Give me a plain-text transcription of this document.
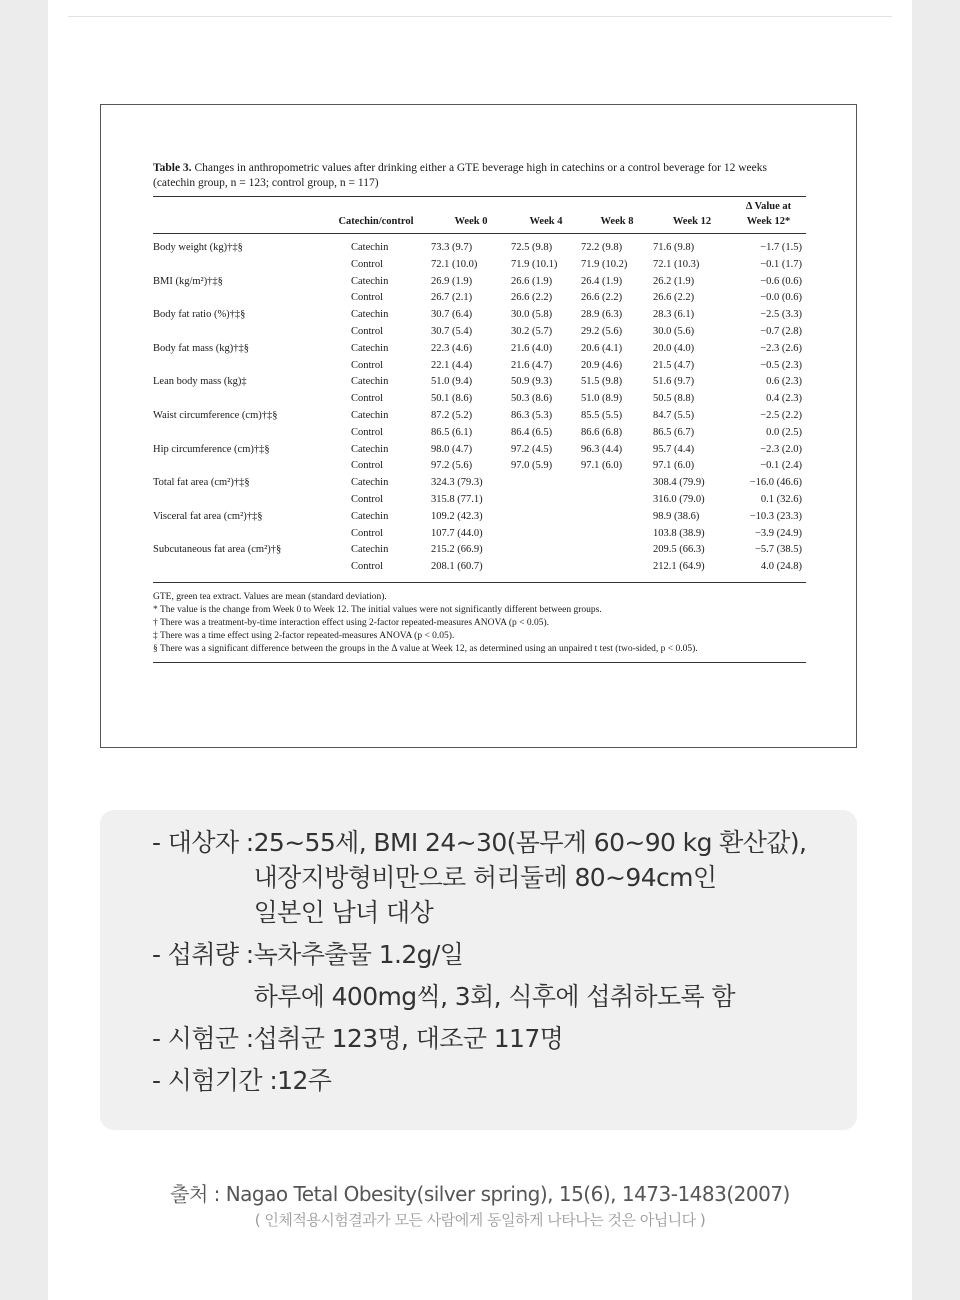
Table 3. Changes in anthropometric values after drinking either a GTE beverage high in catechins or a control beverage for 12 weeks (catechin group, n = 123; control group, n = 117)
	Catechin/control	Week 0	Week 4	Week 8	Week 12	Δ Value at
Week 12*

Body weight (kg)†‡§	Catechin	73.3 (9.7)	72.5 (9.8)	72.2 (9.8)	71.6 (9.8)	−1.7 (1.5)
	Control	72.1 (10.0)	71.9 (10.1)	71.9 (10.2)	72.1 (10.3)	−0.1 (1.7)
BMI (kg/m²)†‡§	Catechin	26.9 (1.9)	26.6 (1.9)	26.4 (1.9)	26.2 (1.9)	−0.6 (0.6)
	Control	26.7 (2.1)	26.6 (2.2)	26.6 (2.2)	26.6 (2.2)	−0.0 (0.6)
Body fat ratio (%)†‡§	Catechin	30.7 (6.4)	30.0 (5.8)	28.9 (6.3)	28.3 (6.1)	−2.5 (3.3)
	Control	30.7 (5.4)	30.2 (5.7)	29.2 (5.6)	30.0 (5.6)	−0.7 (2.8)
Body fat mass (kg)†‡§	Catechin	22.3 (4.6)	21.6 (4.0)	20.6 (4.1)	20.0 (4.0)	−2.3 (2.6)
	Control	22.1 (4.4)	21.6 (4.7)	20.9 (4.6)	21.5 (4.7)	−0.5 (2.3)
Lean body mass (kg)‡	Catechin	51.0 (9.4)	50.9 (9.3)	51.5 (9.8)	51.6 (9.7)	0.6 (2.3)
	Control	50.1 (8.6)	50.3 (8.6)	51.0 (8.9)	50.5 (8.8)	0.4 (2.3)
Waist circumference (cm)†‡§	Catechin	87.2 (5.2)	86.3 (5.3)	85.5 (5.5)	84.7 (5.5)	−2.5 (2.2)
	Control	86.5 (6.1)	86.4 (6.5)	86.6 (6.8)	86.5 (6.7)	0.0 (2.5)
Hip circumference (cm)†‡§	Catechin	98.0 (4.7)	97.2 (4.5)	96.3 (4.4)	95.7 (4.4)	−2.3 (2.0)
	Control	97.2 (5.6)	97.0 (5.9)	97.1 (6.0)	97.1 (6.0)	−0.1 (2.4)
Total fat area (cm²)†‡§	Catechin	324.3 (79.3)			308.4 (79.9)	−16.0 (46.6)
	Control	315.8 (77.1)			316.0 (79.0)	0.1 (32.6)
Visceral fat area (cm²)†‡§	Catechin	109.2 (42.3)			98.9 (38.6)	−10.3 (23.3)
	Control	107.7 (44.0)			103.8 (38.9)	−3.9 (24.9)
Subcutaneous fat area (cm²)†§	Catechin	215.2 (66.9)			209.5 (66.3)	−5.7 (38.5)
	Control	208.1 (60.7)			212.1 (64.9)	4.0 (24.8)

GTE, green tea extract. Values are mean (standard deviation).
* The value is the change from Week 0 to Week 12. The initial values were not significantly different between groups.
† There was a treatment-by-time interaction effect using 2-factor repeated-measures ANOVA (p < 0.05).
‡ There was a time effect using 2-factor repeated-measures ANOVA (p < 0.05).
§ There was a significant difference between the groups in the Δ value at Week 12, as determined using an unpaired t test (two-sided, p < 0.05).
- 대상자 : 25~55세, BMI 24~30(몸무게 60~90 kg 환산값),
내장지방형비만으로 허리둘레 80~94cm인
일본인 남녀 대상
- 섭취량 : 녹차추출물 1.2g/일
하루에 400mg씩, 3회, 식후에 섭취하도록 함
- 시험군 : 섭취군 123명, 대조군 117명
- 시험기간 : 12주
출처 : Nagao Tetal Obesity(silver spring), 15(6), 1473-1483(2007)
( 인체적용시험결과가 모든 사람에게 동일하게 나타나는 것은 아닙니다 )
